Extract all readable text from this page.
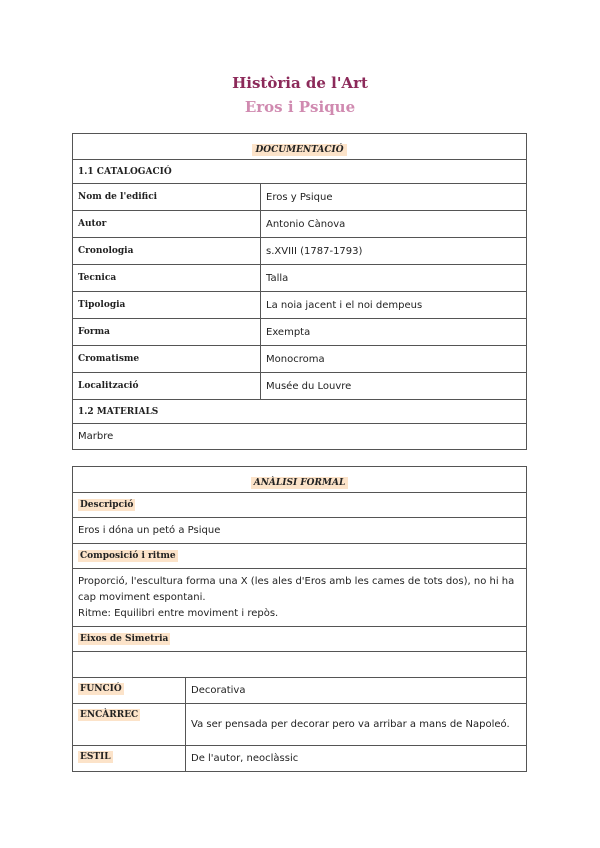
Història de l'Art
Eros i Psique
DOCUMENTACIÓ	
1.1 CATALOGACIÓ	
Nom de l'edifici	Eros y Psique
Autor	Antonio Cànova
Cronologia	s.XVIII (1787-1793)
Tecnica	Talla
Tipologia	La noia jacent i el noi dempeus
Forma	Exempta
Cromatisme	Monocroma
Localització	Musée du Louvre
1.2 MATERIALS	
Marbre	
ANÀLISI FORMAL	
Descripció	
Eros i dóna un petó a Psique	
Composició i ritme	

Proporció, l'escultura forma una X (les ales d'Eros amb les cames de tots dos), no hi ha cap moviment espontani.
Ritme: Equilibri entre moviment i repòs.	

Eixos de Simetria	

FUNCIÓ	Decorativa
ENCÀRREC	Va ser pensada per decorar pero va arribar a mans de Napoleó.
ESTIL	De l'autor, neoclàssic
